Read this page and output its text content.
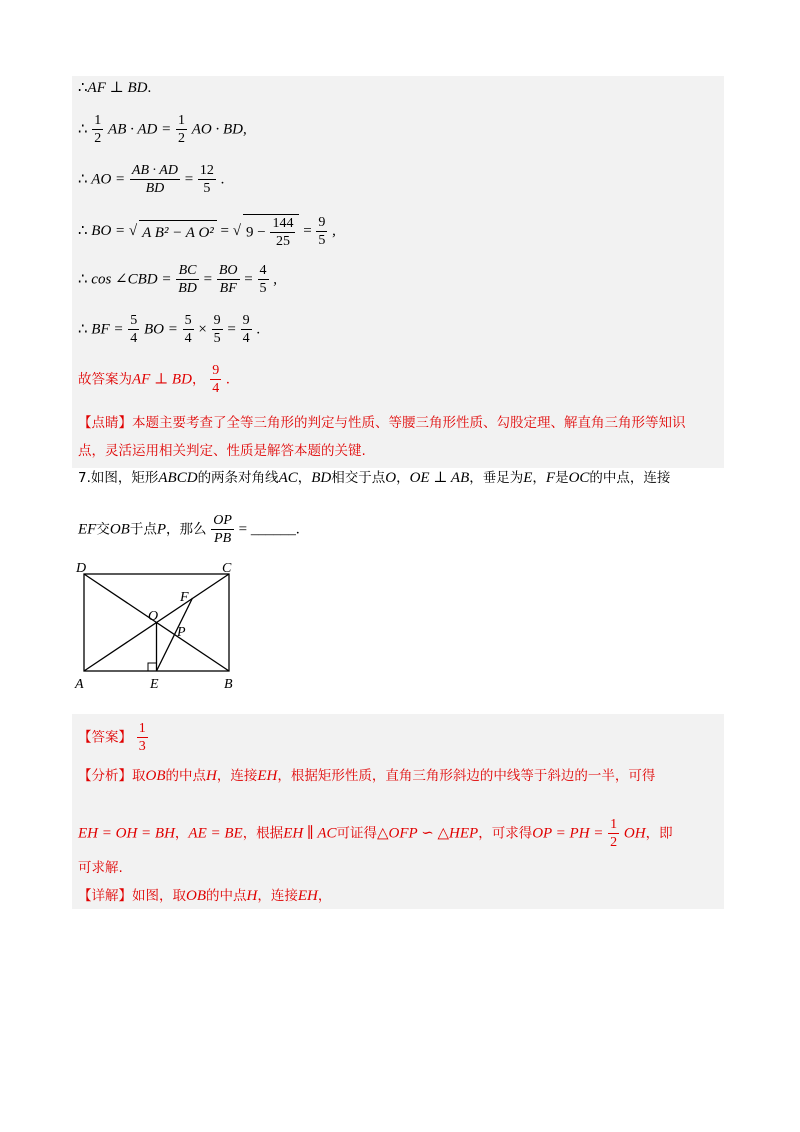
∴AF ⊥ BD.
∴ $\frac{1}{2}$ AB · AD = $\frac{1}{2}$ AO · BD,
∴ AO = $\frac{AB \cdot AD}{BD} = \frac{12}{5}$ .
∴ BO = √ A B² − A O² = √ $9 - \frac{144}{25} = \frac{9}{5}$ ,
∴ cos ∠CBD = $\frac{BC}{BD} = \frac{BO}{BF} = \frac{4}{5}$ ,
∴ BF = $\frac{5}{4}$ BO = $\frac{5}{4} \times \frac{9}{5} = \frac{9}{4}$ .
故答案为AF ⊥ BD， $\frac{9}{4}$ .
【点睛】本题主要考查了全等三角形的判定与性质、等腰三角形性质、勾股定理、解直角三角形等知识
点，灵活运用相关判定、性质是解答本题的关键.
7.如图，矩形ABCD的两条对角线AC，BD相交于点O，OE ⊥ AB，垂足为E，F是OC的中点，连接
EF交OB于点P，那么 $\frac{OP}{PB}$ = ______.
D	C
A	E	B
O
F
P
【答案】 $\frac{1}{3}$
【分析】取OB的中点H，连接EH，根据矩形性质，直角三角形斜边的中线等于斜边的一半，可得
EH = OH = BH，AE = BE，根据EH ∥ AC可证得△OFP ∽ △HEP，可求得OP = PH = $\frac{1}{2}$ OH，即
可求解.
【详解】如图，取OB的中点H，连接EH，
